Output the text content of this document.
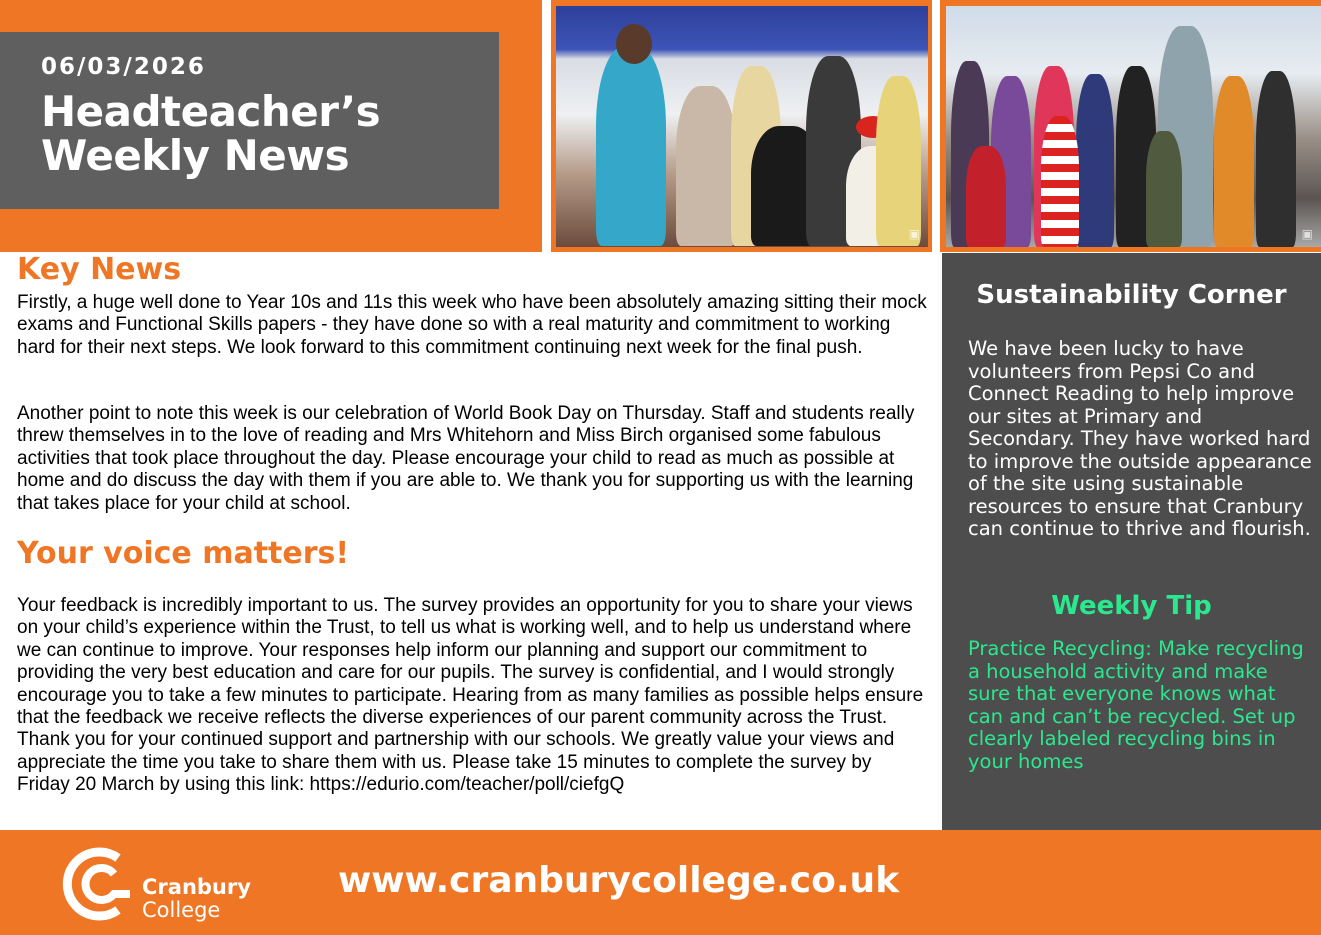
06/03/2026
Headteacher’s
Weekly News
▣	▣
Key News
Firstly, a huge well done to Year 10s and 11s this week who have been absolutely amazing sitting their mock exams and Functional Skills papers - they have done so with a real maturity and commitment to working hard for their next steps. We look forward to this commitment continuing next week for the final push.
Another point to note this week is our celebration of World Book Day on Thursday. Staff and students really threw themselves in to the love of reading and Mrs Whitehorn and Miss Birch organised some fabulous activities that took place throughout the day. Please encourage your child to read as much as possible at home and do discuss the day with them if you are able to. We thank you for supporting us with the learning that takes place for your child at school.
Your voice matters!
Your feedback is incredibly important to us. The survey provides an opportunity for you to share your views on your child’s experience within the Trust, to tell us what is working well, and to help us understand where we can continue to improve. Your responses help inform our planning and support our commitment to providing the very best education and care for our pupils. The survey is confidential, and I would strongly encourage you to take a few minutes to participate. Hearing from as many families as possible helps ensure that the feedback we receive reflects the diverse experiences of our parent community across the Trust. Thank you for your continued support and partnership with our schools. We greatly value your views and appreciate the time you take to share them with us. Please take 15 minutes to complete the survey by Friday 20 March by using this link: https://edurio.com/teacher/poll/ciefgQ
Sustainability Corner
We have been lucky to have volunteers from Pepsi Co and Connect Reading to help improve our sites at Primary and Secondary. They have worked hard to improve the outside appearance of the site using sustainable resources to ensure that Cranbury can continue to thrive and flourish.
Weekly Tip
Practice Recycling: Make recycling a household activity and make sure that everyone knows what can and can’t be recycled. Set up clearly labeled recycling bins in your homes
Cranbury
College
www.cranburycollege.co.uk
